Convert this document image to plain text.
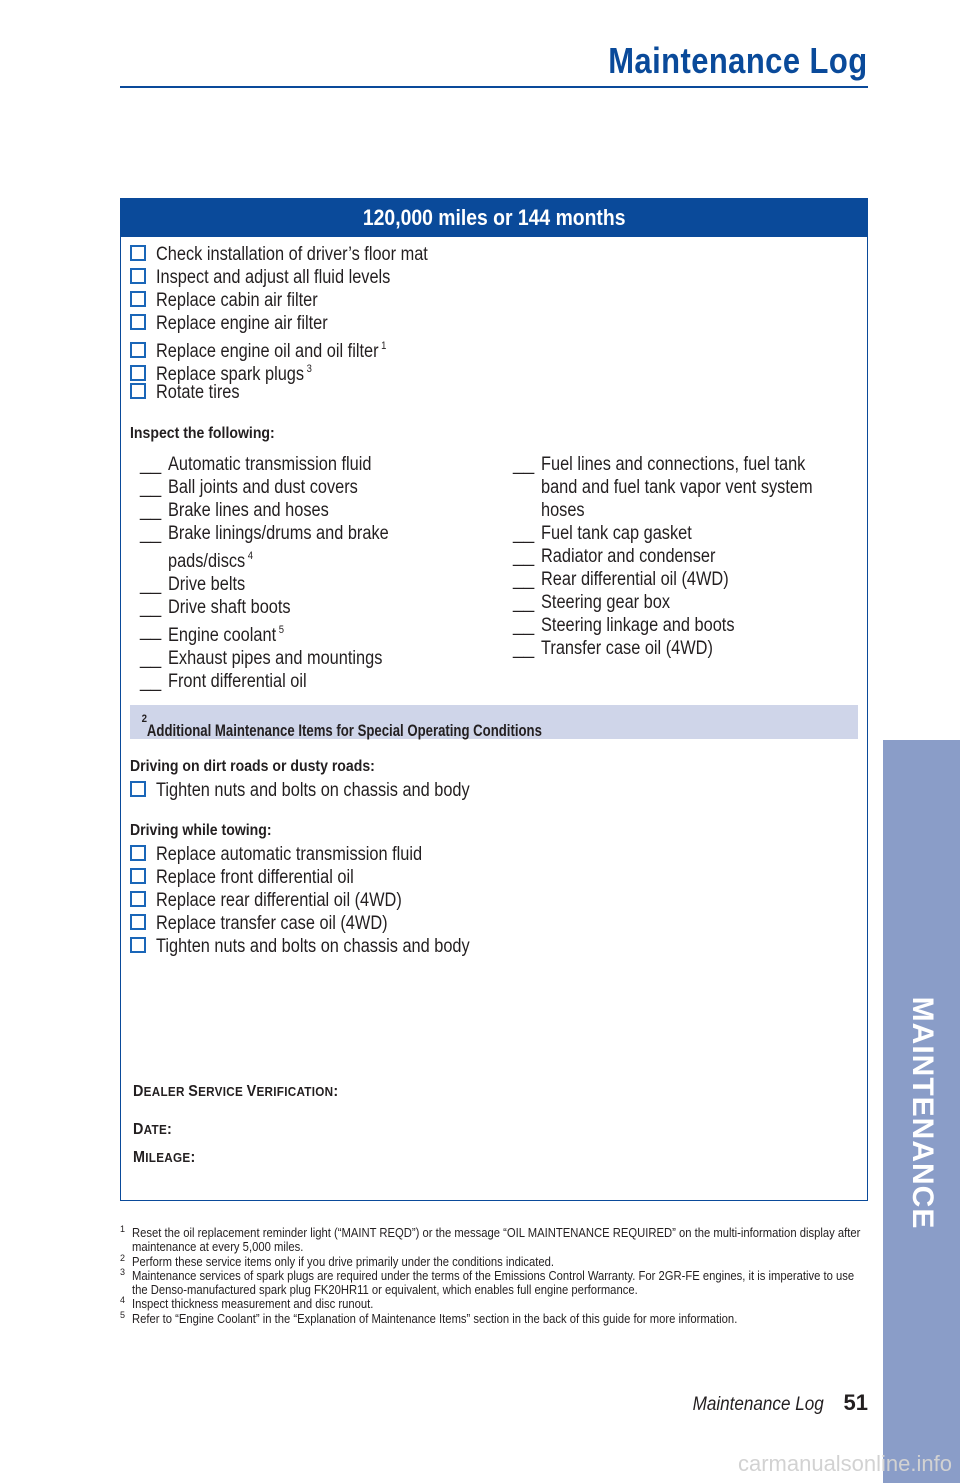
Maintenance Log
120,000 miles or 144 months
Check installation of driver’s floor mat
Inspect and adjust all fluid levels
Replace cabin air filter
Replace engine air filter
Replace engine oil and oil filter $^1$
Replace spark plugs $^3$
Rotate tires
Inspect the following:
__ Automatic transmission fluid
__ Ball joints and dust covers
__ Brake lines and hoses
__ Brake linings/drums and brake
pads/discs $^4$
__ Drive belts
__ Drive shaft boots
__ Engine coolant $^5$
__ Exhaust pipes and mountings
__ Front differential oil
__ Fuel lines and connections, fuel tank
band and fuel tank vapor vent system
hoses
__ Fuel tank cap gasket
__ Radiator and condenser
__ Rear differential oil (4WD)
__ Steering gear box
__ Steering linkage and boots
__ Transfer case oil (4WD)
Additional Maintenance Items for Special Operating Conditions
$^2$
Driving on dirt roads or dusty roads:
Tighten nuts and bolts on chassis and body
Driving while towing:
Replace automatic transmission fluid
Replace front differential oil
Replace rear differential oil (4WD)
Replace transfer case oil (4WD)
Tighten nuts and bolts on chassis and body
DEALER SERVICE VERIFICATION:
DATE:
MILEAGE:
1 Reset the oil replacement reminder light (“MAINT REQD”) or the message “OIL MAINTENANCE REQUIRED” on the multi-information display after maintenance at every 5,000 miles.
2 Perform these service items only if you drive primarily under the conditions indicated.
3 Maintenance services of spark plugs are required under the terms of the Emissions Control Warranty. For 2GR-FE engines, it is imperative to use the Denso-manufactured spark plug FK20HR11 or equivalent, which enables full engine performance.
4 Inspect thickness measurement and disc runout.
5 Refer to “Engine Coolant” in the “Explanation of Maintenance Items” section in the back of this guide for more information.
MAINTENANCE
Maintenance Log 51
carmanualsonline.info
